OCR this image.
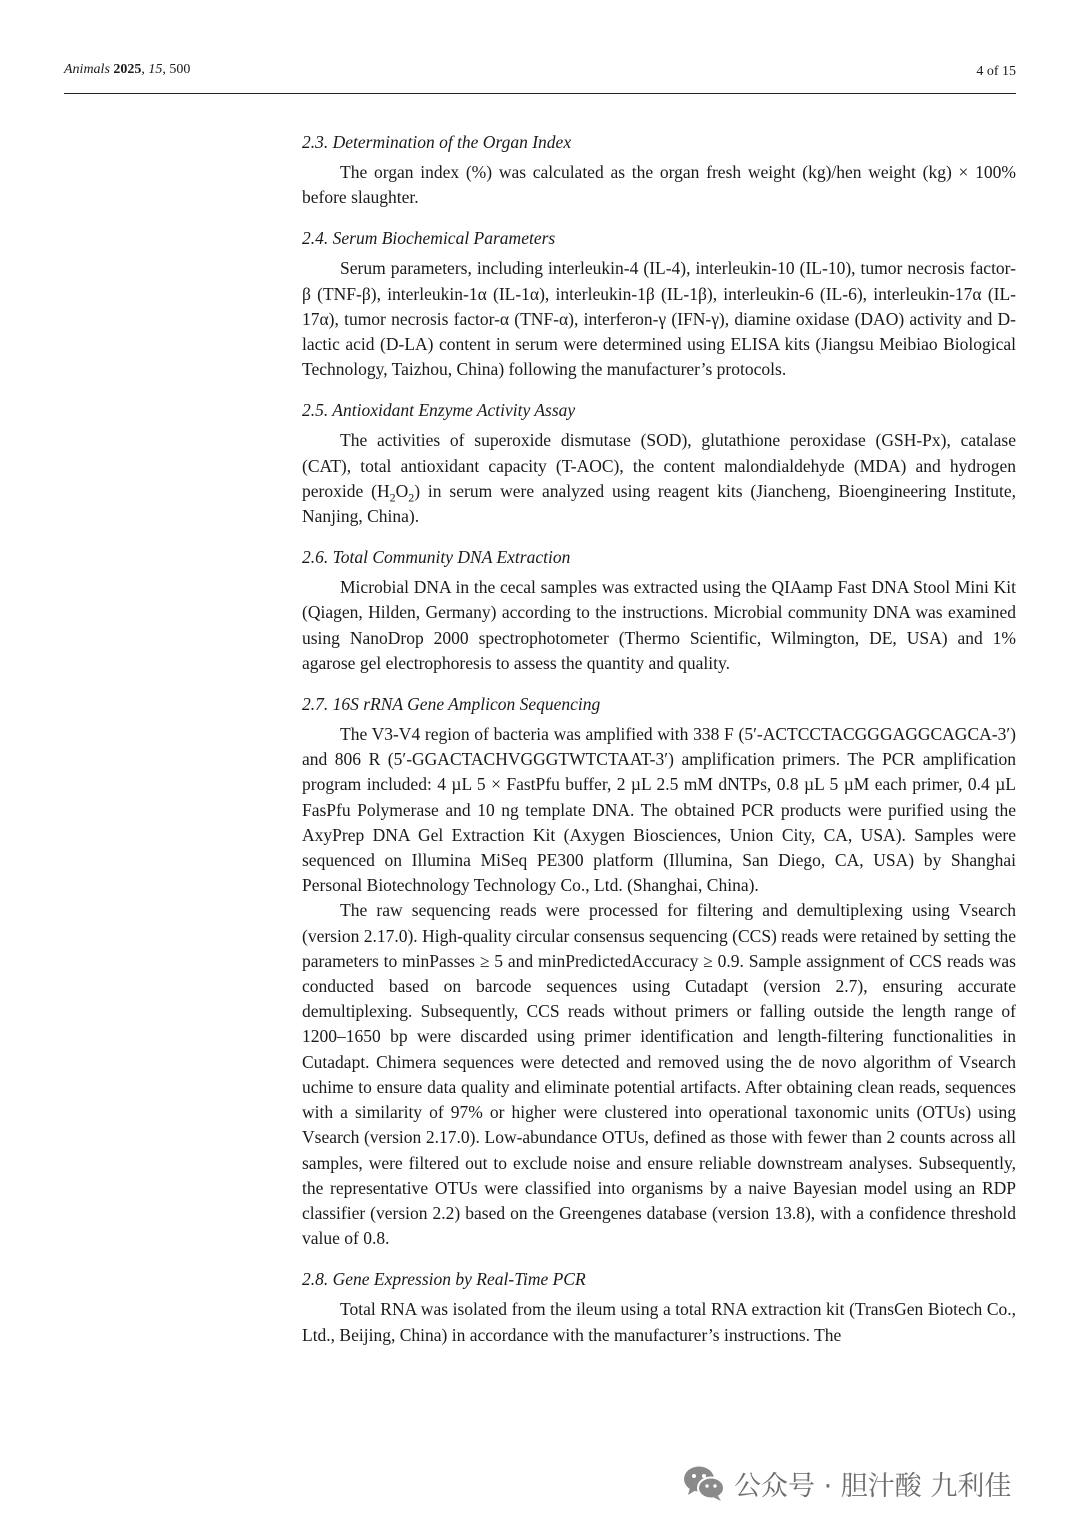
Animals 2025, 15, 500	4 of 15
2.3. Determination of the Organ Index

The organ index (%) was calculated as the organ fresh weight (kg)/hen weight (kg) × 100% before slaughter.

2.4. Serum Biochemical Parameters

Serum parameters, including interleukin-4 (IL-4), interleukin-10 (IL-10), tumor necrosis factor-β (TNF-β), interleukin-1α (IL-1α), interleukin-1β (IL-1β), interleukin-6 (IL-6), interleukin-17α (IL-17α), tumor necrosis factor-α (TNF-α), interferon-γ (IFN-γ), diamine oxidase (DAO) activity and D-lactic acid (D-LA) content in serum were determined using ELISA kits (Jiangsu Meibiao Biological Technology, Taizhou, China) following the manufacturer’s protocols.

2.5. Antioxidant Enzyme Activity Assay

The activities of superoxide dismutase (SOD), glutathione peroxidase (GSH-Px), catalase (CAT), total antioxidant capacity (T-AOC), the content malondialdehyde (MDA) and hydrogen peroxide $(H_2O_2)$ in serum were analyzed using reagent kits (Jiancheng, Bioengineering Institute, Nanjing, China).

2.6. Total Community DNA Extraction

Microbial DNA in the cecal samples was extracted using the QIAamp Fast DNA Stool Mini Kit (Qiagen, Hilden, Germany) according to the instructions. Microbial community DNA was examined using NanoDrop 2000 spectrophotometer (Thermo Scientific, Wilmington, DE, USA) and 1% agarose gel electrophoresis to assess the quantity and quality.

2.7. 16S rRNA Gene Amplicon Sequencing

The V3-V4 region of bacteria was amplified with 338 F (5′-ACTCCTACGGGAGGCAGCA-3′) and 806 R (5′-GGACTACHVGGGTWTCTAAT-3′) amplification primers. The PCR amplification program included: 4 µL 5 × FastPfu buffer, 2 µL 2.5 mM dNTPs, 0.8 µL 5 µM each primer, 0.4 µL FasPfu Polymerase and 10 ng template DNA. The obtained PCR products were purified using the AxyPrep DNA Gel Extraction Kit (Axygen Biosciences, Union City, CA, USA). Samples were sequenced on Illumina MiSeq PE300 platform (Illumina, San Diego, CA, USA) by Shanghai Personal Biotechnology Technology Co., Ltd. (Shanghai, China).

The raw sequencing reads were processed for filtering and demultiplexing using Vsearch (version 2.17.0). High-quality circular consensus sequencing (CCS) reads were retained by setting the parameters to minPasses ≥ 5 and minPredictedAccuracy ≥ 0.9. Sample assignment of CCS reads was conducted based on barcode sequences using Cutadapt (version 2.7), ensuring accurate demultiplexing. Subsequently, CCS reads without primers or falling outside the length range of 1200–1650 bp were discarded using primer identification and length-filtering functionalities in Cutadapt. Chimera sequences were detected and removed using the de novo algorithm of Vsearch uchime to ensure data quality and eliminate potential artifacts. After obtaining clean reads, sequences with a similarity of 97% or higher were clustered into operational taxonomic units (OTUs) using Vsearch (version 2.17.0). Low-abundance OTUs, defined as those with fewer than 2 counts across all samples, were filtered out to exclude noise and ensure reliable downstream analyses. Subsequently, the representative OTUs were classified into organisms by a naive Bayesian model using an RDP classifier (version 2.2) based on the Greengenes database (version 13.8), with a confidence threshold value of 0.8.

2.8. Gene Expression by Real-Time PCR

Total RNA was isolated from the ileum using a total RNA extraction kit (TransGen Biotech Co., Ltd., Beijing, China) in accordance with the manufacturer’s instructions. The

公众号 · 胆汁酸 九利佳
